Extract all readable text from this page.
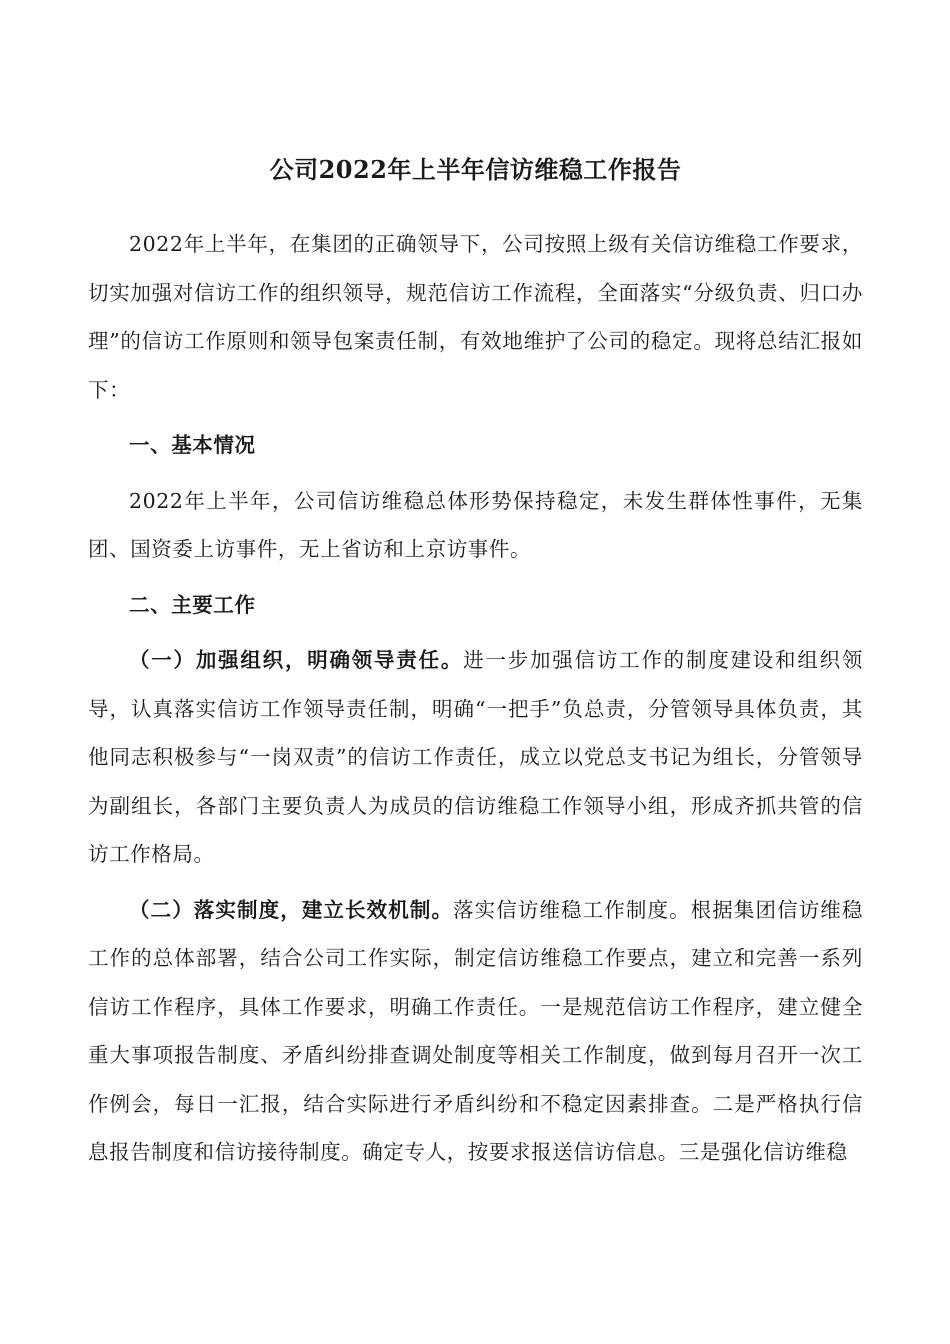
公司2022年上半年信访维稳工作报告

2022年上半年，在集团的正确领导下，公司按照上级有关信访维稳工作要求，切实加强对信访工作的组织领导，规范信访工作流程，全面落实“分级负责、归口办理”的信访工作原则和领导包案责任制，有效地维护了公司的稳定。现将总结汇报如下：

一、基本情况

2022年上半年，公司信访维稳总体形势保持稳定，未发生群体性事件，无集团、国资委上访事件，无上省访和上京访事件。

二、主要工作

（一）加强组织，明确领导责任。进一步加强信访工作的制度建设和组织领导，认真落实信访工作领导责任制，明确“一把手”负总责，分管领导具体负责，其他同志积极参与“一岗双责”的信访工作责任，成立以党总支书记为组长，分管领导为副组长，各部门主要负责人为成员的信访维稳工作领导小组，形成齐抓共管的信访工作格局。

（二）落实制度，建立长效机制。落实信访维稳工作制度。根据集团信访维稳工作的总体部署，结合公司工作实际，制定信访维稳工作要点，建立和完善一系列信访工作程序，具体工作要求，明确工作责任。一是规范信访工作程序，建立健全重大事项报告制度、矛盾纠纷排查调处制度等相关工作制度，做到每月召开一次工作例会，每日一汇报，结合实际进行矛盾纠纷和不稳定因素排查。二是严格执行信息报告制度和信访接待制度。确定专人，按要求报送信访信息。三是强化信访维稳
